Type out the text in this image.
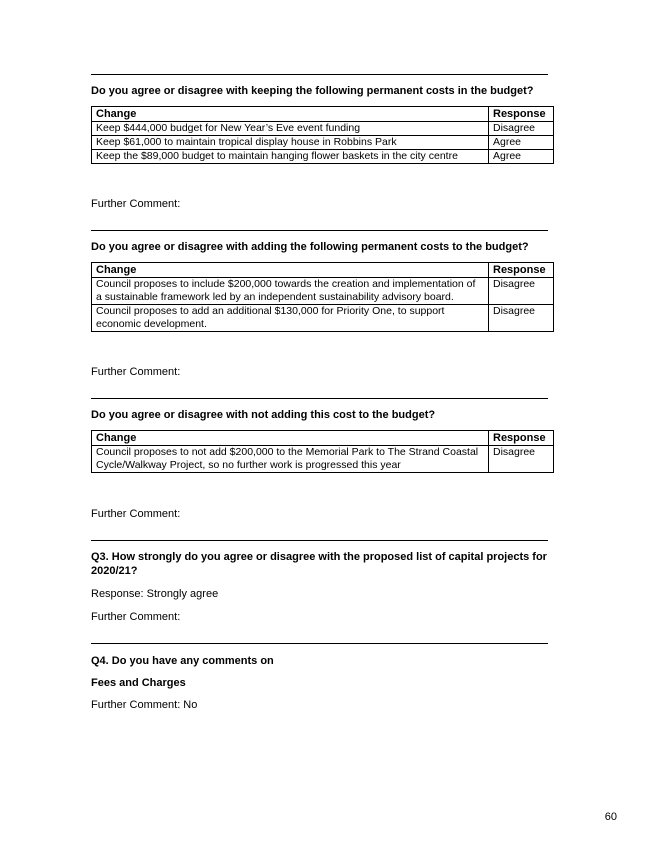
Do you agree or disagree with keeping the following permanent costs in the budget?
Change	Response
Keep $444,000 budget for New Year’s Eve event funding	Disagree
Keep $61,000 to maintain tropical display house in Robbins Park	Agree
Keep the $89,000 budget to maintain hanging flower baskets in the city centre	Agree
Further Comment:
Do you agree or disagree with adding the following permanent costs to the budget?
Change	Response
Council proposes to include $200,000 towards the creation and implementation of a sustainable framework led by an independent sustainability advisory board.	Disagree
Council proposes to add an additional $130,000 for Priority One, to support economic development.	Disagree
Further Comment:
Do you agree or disagree with not adding this cost to the budget?
Change	Response
Council proposes to not add $200,000 to the Memorial Park to The Strand Coastal Cycle/Walkway Project, so no further work is progressed this year	Disagree
Further Comment:
Q3. How strongly do you agree or disagree with the proposed list of capital projects for 2020/21?
Response: Strongly agree
Further Comment:
Q4. Do you have any comments on
Fees and Charges
Further Comment: No
60
